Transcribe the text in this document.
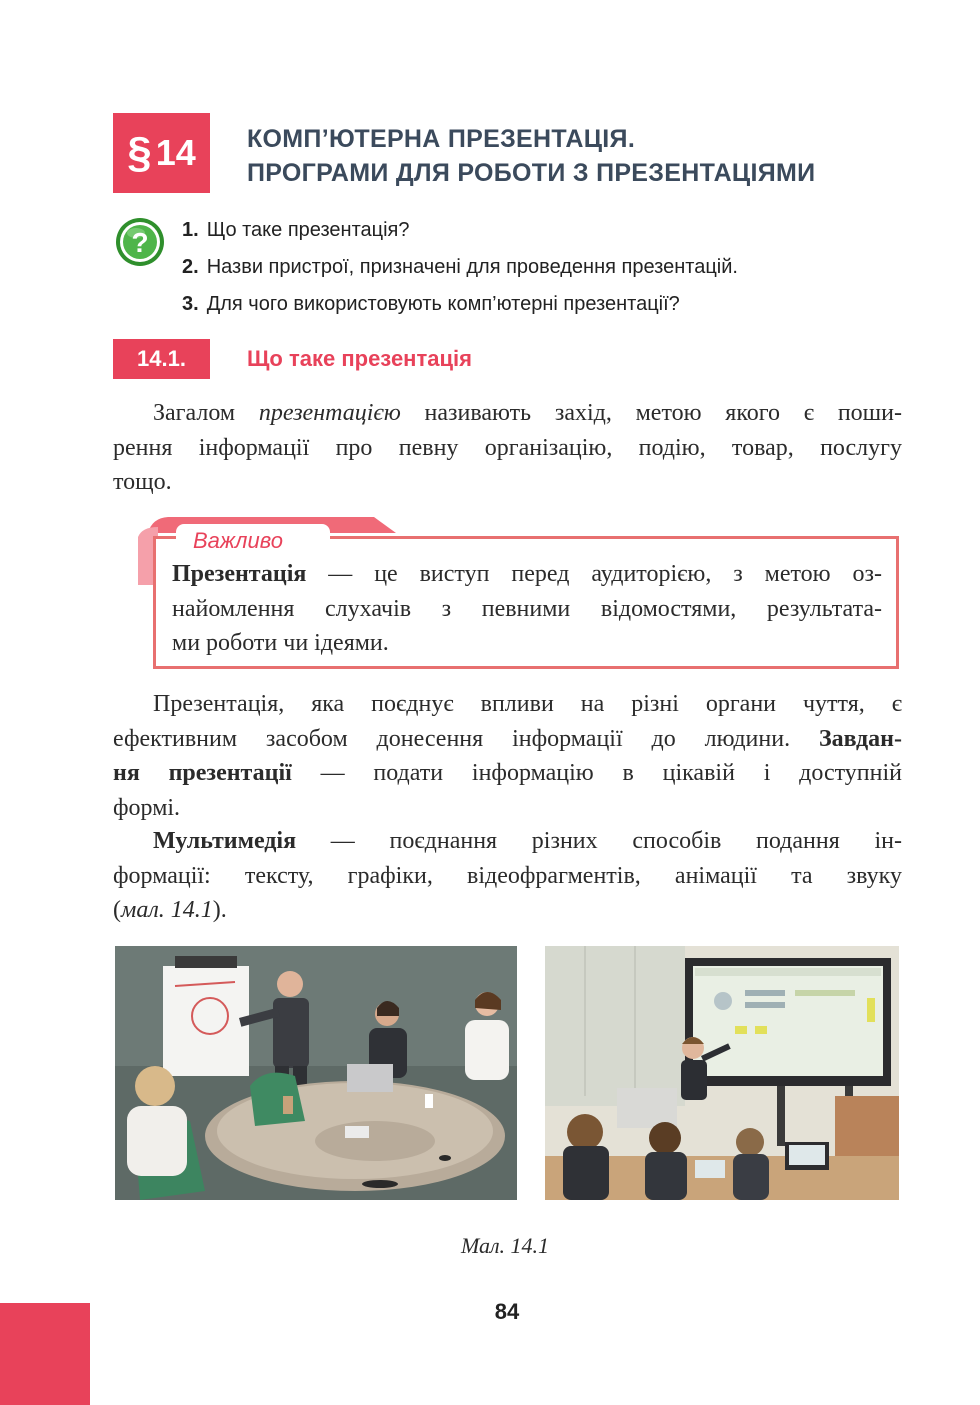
§ 14 КОМП’ЮТЕРНА ПРЕЗЕНТАЦІЯ.
ПРОГРАМИ ДЛЯ РОБОТИ З ПРЕЗЕНТАЦІЯМИ
? 1. Що таке презентація?
2. Назви пристрої, призначені для проведення презентацій.
3. Для чого використовують комп’ютерні презентації?
14.1.	Що таке презентація
Загалом презентацією називають захід, метою якого є поши-
рення інформації про певну організацію, подію, товар, послугу
тощо.
Важливо
Презентація — це виступ перед аудиторією, з метою оз-
найомлення слухачів з певними відомостями, результата-
ми роботи чи ідеями.
Презентація, яка поєднує впливи на різні органи чуття, є
ефективним засобом донесення інформації до людини. Завдан-
ня презентації — подати інформацію в цікавій і доступній
формі.
Мультимедія — поєднання різних способів подання ін-
формації: тексту, графіки, відеофрагментів, анімації та звуку
(мал. 14.1).
Мал. 14.1
84
